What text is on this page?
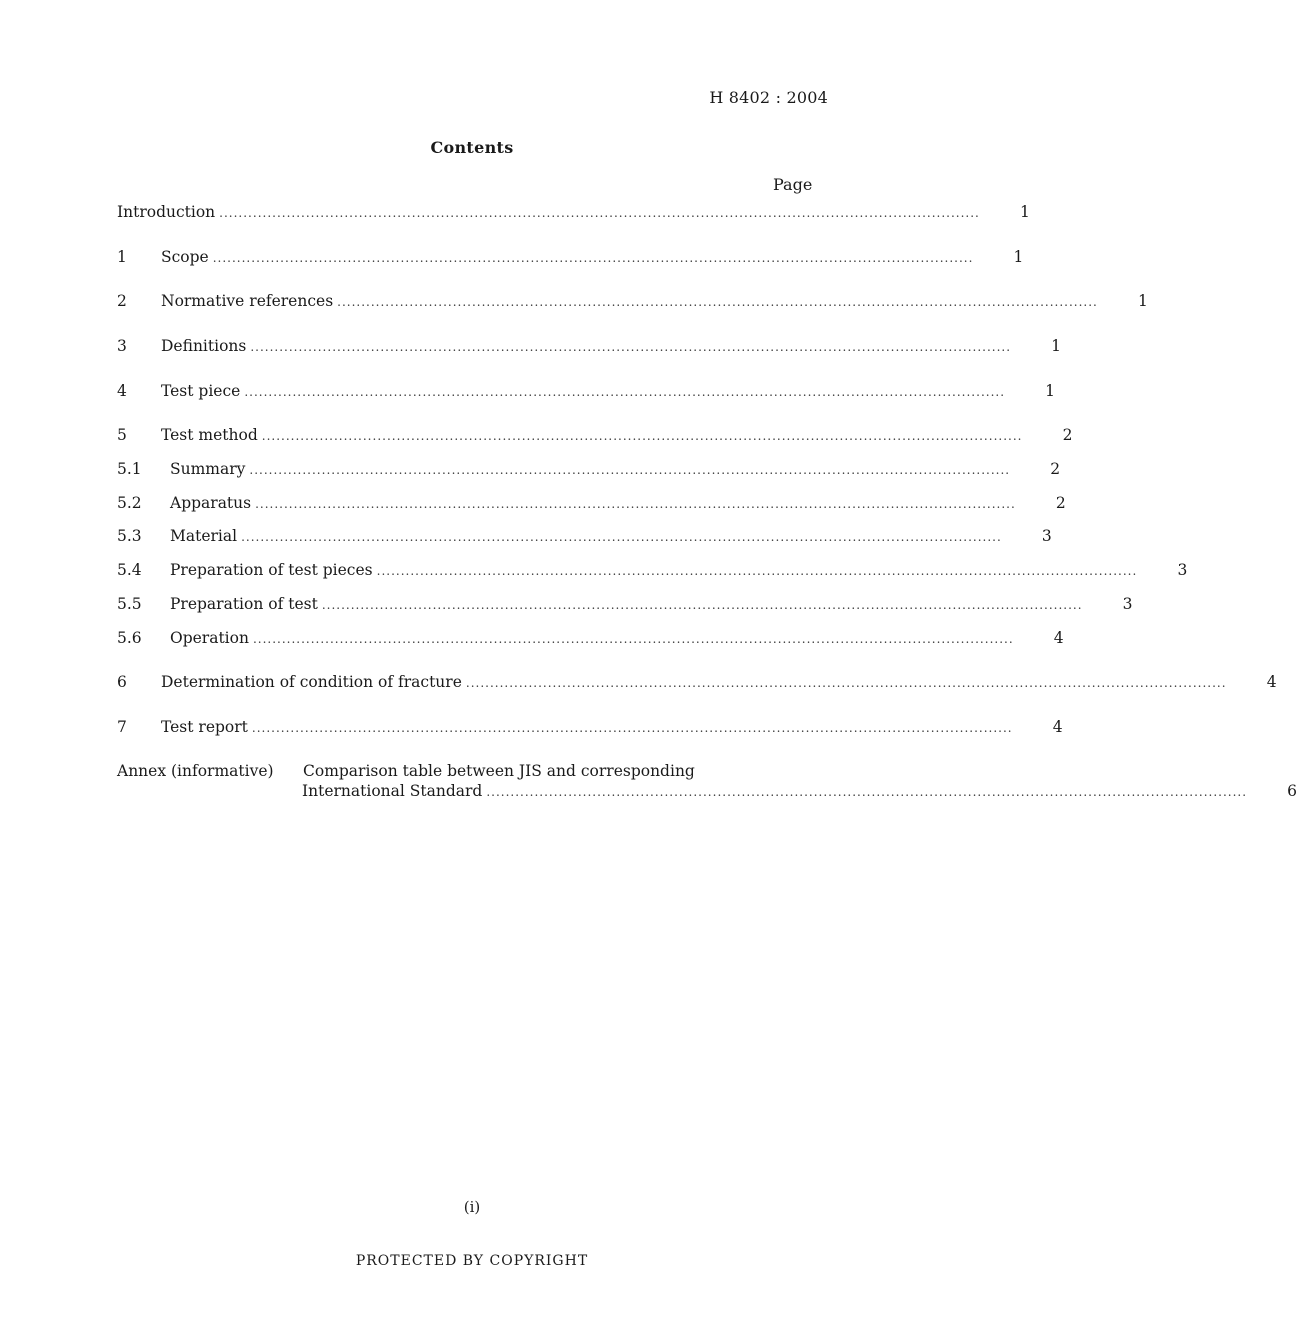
H 8402 : 2004
Contents
Page
Introduction ..............................................................................................................................................................	1
1	Scope ..............................................................................................................................................................	1
2	Normative references ..............................................................................................................................................................	1
3	Definitions ..............................................................................................................................................................	1
4	Test piece ..............................................................................................................................................................	1
5	Test method ..............................................................................................................................................................	2
5.1	Summary ..............................................................................................................................................................	2
5.2	Apparatus ..............................................................................................................................................................	2
5.3	Material ..............................................................................................................................................................	3
5.4	Preparation of test pieces ..............................................................................................................................................................	3
5.5	Preparation of test ..............................................................................................................................................................	3
5.6	Operation ..............................................................................................................................................................	4
6	Determination of condition of fracture ..............................................................................................................................................................	4
7	Test report ..............................................................................................................................................................	4
Annex (informative) Comparison table between JIS and corresponding
International Standard ..............................................................................................................................................................	6
(i)
PROTECTED BY COPYRIGHT
